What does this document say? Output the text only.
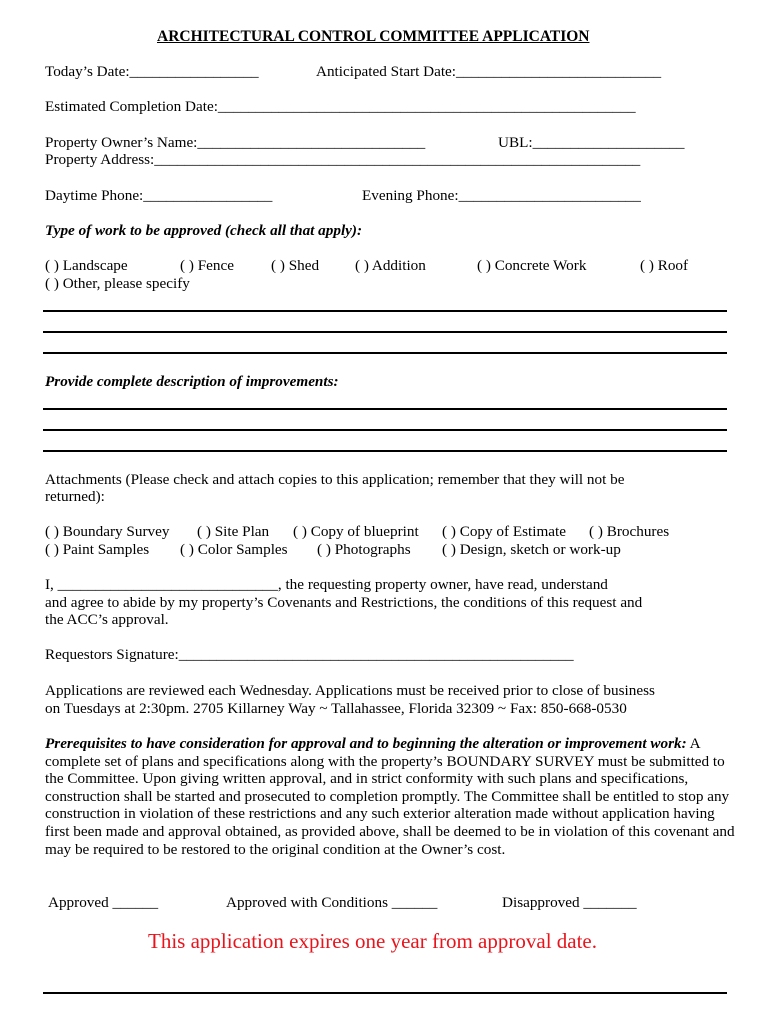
ARCHITECTURAL CONTROL COMMITTEE APPLICATION
Today’s Date:_________________	Anticipated Start Date:___________________________
Estimated Completion Date:_______________________________________________________
Property Owner’s Name:______________________________	UBL:____________________
Property Address:________________________________________________________________
Daytime Phone:_________________	Evening Phone:________________________
Type of work to be approved (check all that apply):
( ) Landscape	( ) Fence ( ) Shed ( ) Addition	( ) Concrete Work	( ) Roof
( ) Other, please specify
Provide complete description of improvements:
Attachments (Please check and attach copies to this application; remember that they will not be
returned):
( ) Boundary Survey ( ) Site Plan ( ) Copy of blueprint ( ) Copy of Estimate ( ) Brochures
( ) Paint Samples ( ) Color Samples ( ) Photographs ( ) Design, sketch or work-up
I, _____________________________, the requesting property owner, have read, understand
and agree to abide by my property’s Covenants and Restrictions, the conditions of this request and
the ACC’s approval.
Requestors Signature:____________________________________________________
Applications are reviewed each Wednesday. Applications must be received prior to close of business
on Tuesdays at 2:30pm. 2705 Killarney Way ~ Tallahassee, Florida 32309 ~ Fax: 850-668-0530
Prerequisites to have consideration for approval and to beginning the alteration or improvement work: A complete set of plans and specifications along with the property’s BOUNDARY SURVEY must be submitted to the Committee. Upon giving written approval, and in strict conformity with such plans and specifications, construction shall be started and prosecuted to completion promptly. The Committee shall be entitled to stop any construction in violation of these restrictions and any such exterior alteration made without application having first been made and approval obtained, as provided above, shall be deemed to be in violation of this covenant and may be required to be restored to the original condition at the Owner’s cost.
Approved ______	Approved with Conditions ______	Disapproved _______
This application expires one year from approval date.
